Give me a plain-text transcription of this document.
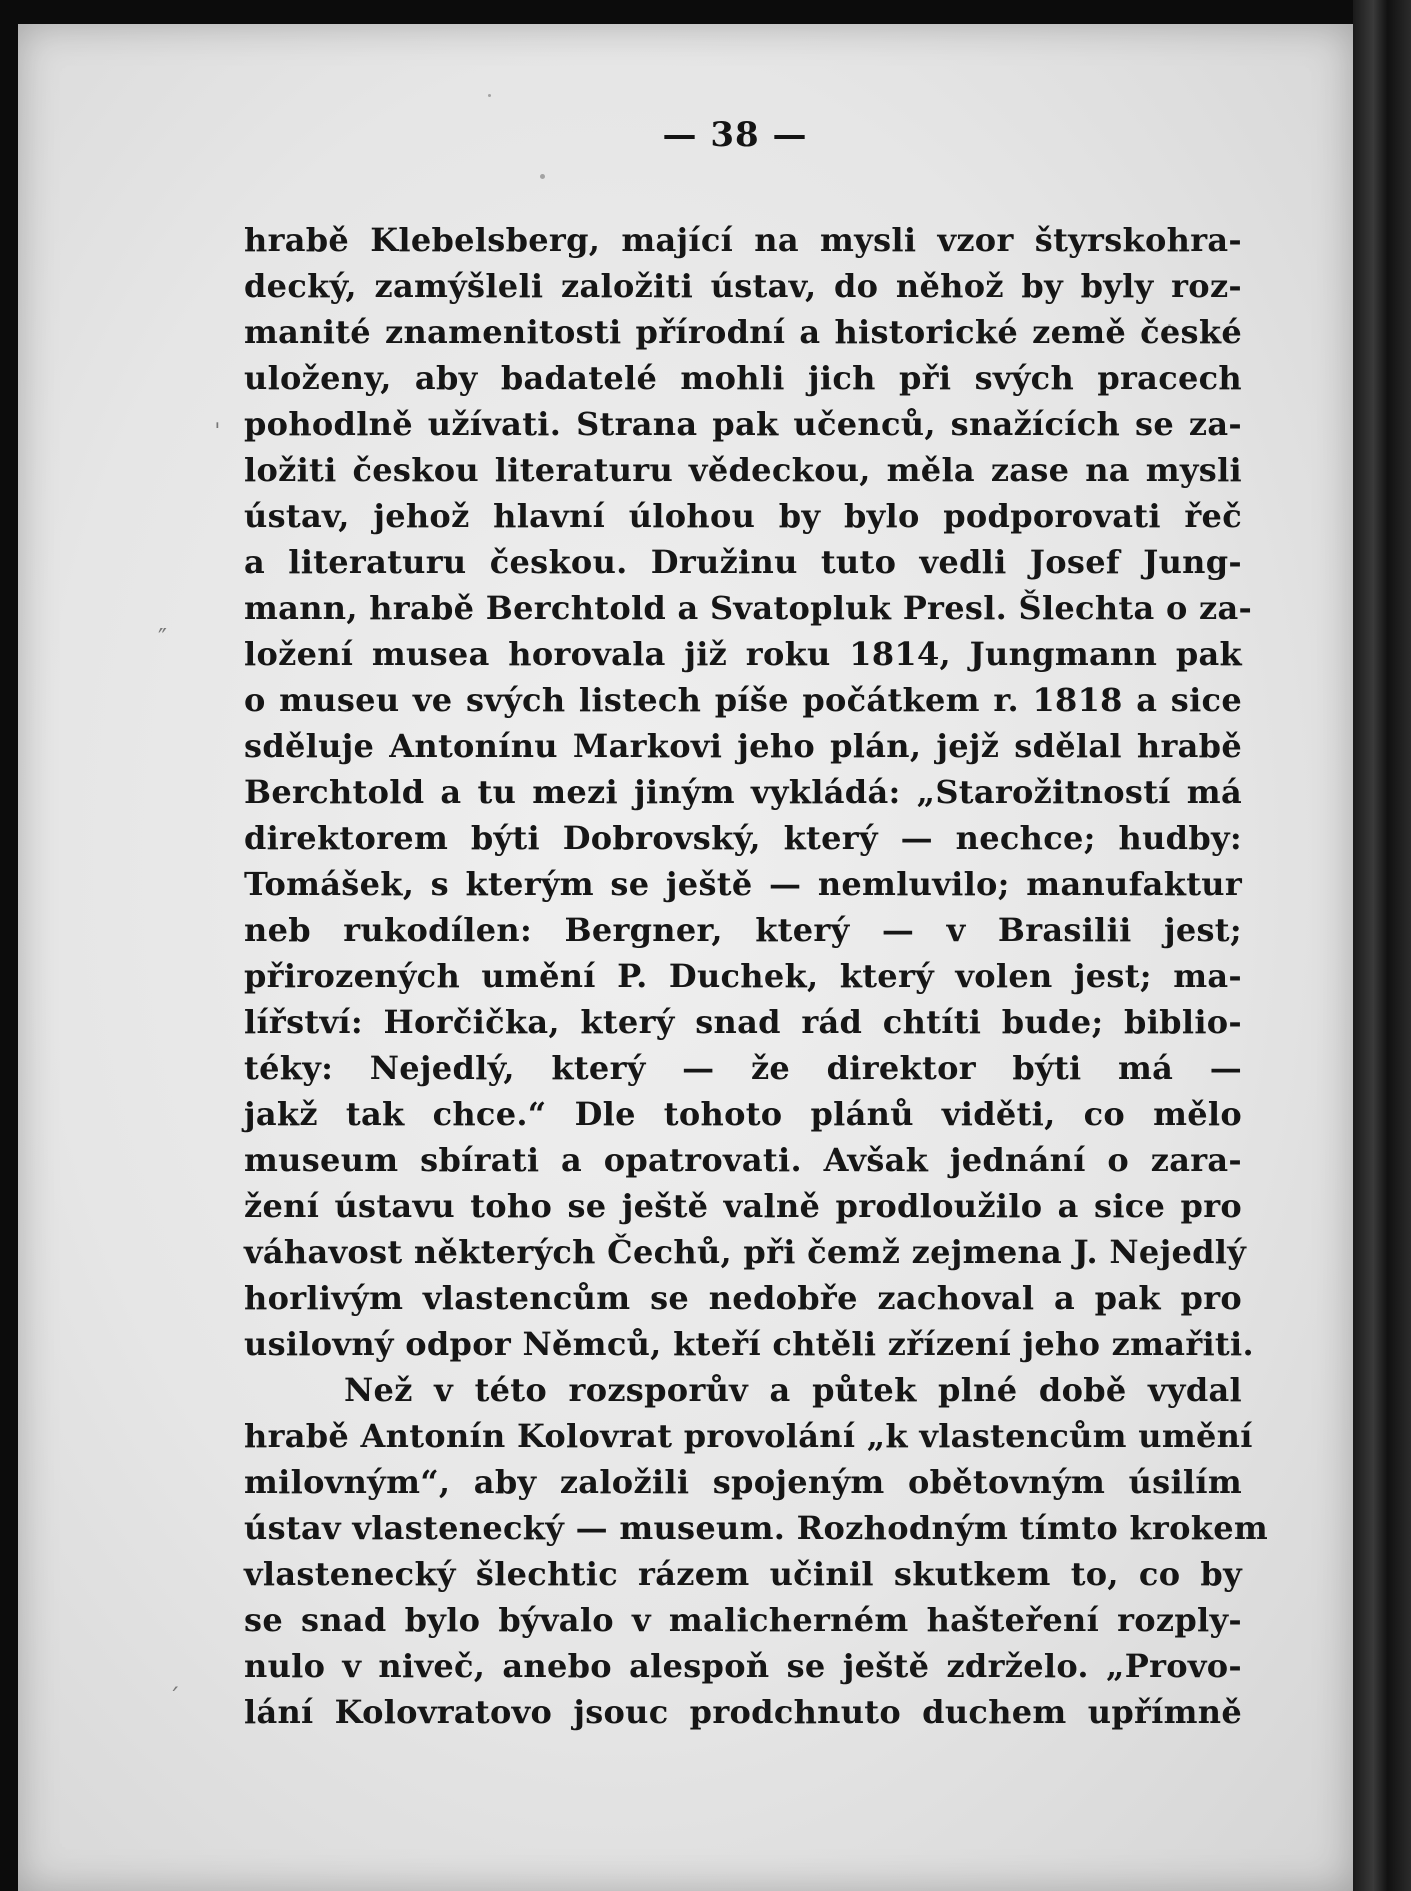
ˈ
″
ˊ
— 38 —
hrabě Klebelsberg, mající na mysli vzor štyrskohra-
decký, zamýšleli založiti ústav, do něhož by byly roz-
manité znamenitosti přírodní a historické země české
uloženy, aby badatelé mohli jich při svých pracech
pohodlně užívati. Strana pak učenců, snažících se za-
ložiti českou literaturu vědeckou, měla zase na mysli
ústav, jehož hlavní úlohou by bylo podporovati řeč
a literaturu českou. Družinu tuto vedli Josef Jung-
mann, hrabě Berchtold a Svatopluk Presl. Šlechta o za-
ložení musea horovala již roku 1814, Jungmann pak
o museu ve svých listech píše počátkem r. 1818 a sice
sděluje Antonínu Markovi jeho plán, jejž sdělal hrabě
Berchtold a tu mezi jiným vykládá: „Starožitností má
direktorem býti Dobrovský, který — nechce; hudby:
Tomášek, s kterým se ještě — nemluvilo; manufaktur
neb rukodílen: Bergner, který — v Brasilii jest;
přirozených umění P. Duchek, který volen jest; ma-
lířství: Horčička, který snad rád chtíti bude; biblio-
téky: Nejedlý, který — že direktor býti má —
jakž tak chce.“ Dle tohoto plánů viděti, co mělo
museum sbírati a opatrovati. Avšak jednání o zara-
žení ústavu toho se ještě valně prodloužilo a sice pro
váhavost některých Čechů, při čemž zejmena J. Nejedlý
horlivým vlastencům se nedobře zachoval a pak pro
usilovný odpor Němců, kteří chtěli zřízení jeho zmařiti.
Než v této rozsporův a půtek plné době vydal
hrabě Antonín Kolovrat provolání „k vlastencům umění
milovným“, aby založili spojeným obětovným úsilím
ústav vlastenecký — museum. Rozhodným tímto krokem
vlastenecký šlechtic rázem učinil skutkem to, co by
se snad bylo bývalo v malicherném hašteření rozply-
nulo v niveč, anebo alespoň se ještě zdrželo. „Provo-
lání Kolovratovo jsouc prodchnuto duchem upřímně
